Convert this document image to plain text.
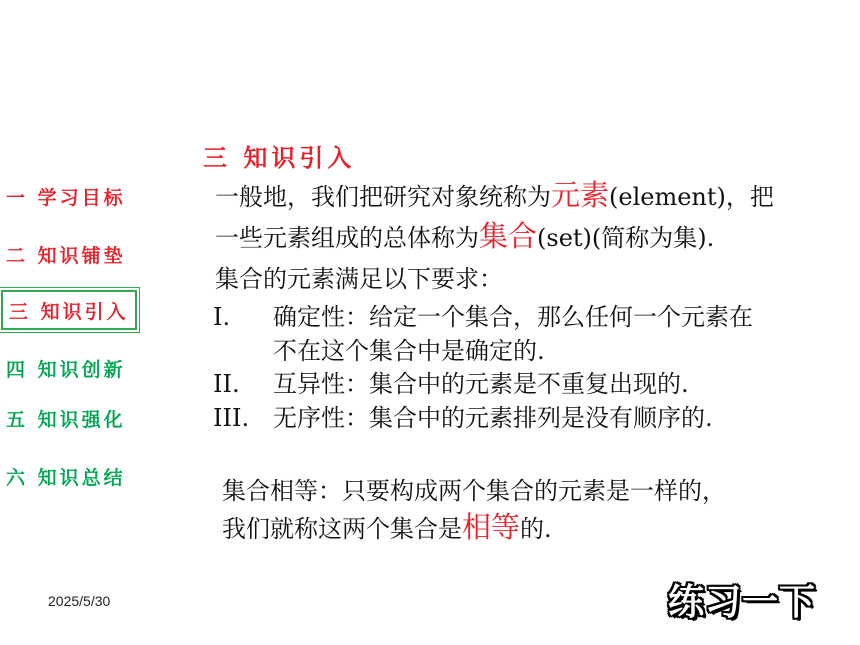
一 学习目标
二 知识铺垫
三 知识引入
四 知识创新
五 知识强化
六 知识总结
三 知识引入
一般地，我们把研究对象统称为元素(element)，把
一些元素组成的总体称为集合(set)(简称为集).
集合的元素满足以下要求：
I. 确定性：给定一个集合，那么任何一个元素在
不在这个集合中是确定的.
II. 互异性：集合中的元素是不重复出现的.
III. 无序性：集合中的元素排列是没有顺序的.
集合相等：只要构成两个集合的元素是一样的，
我们就称这两个集合是相等的.
2025/5/30	练习一下
